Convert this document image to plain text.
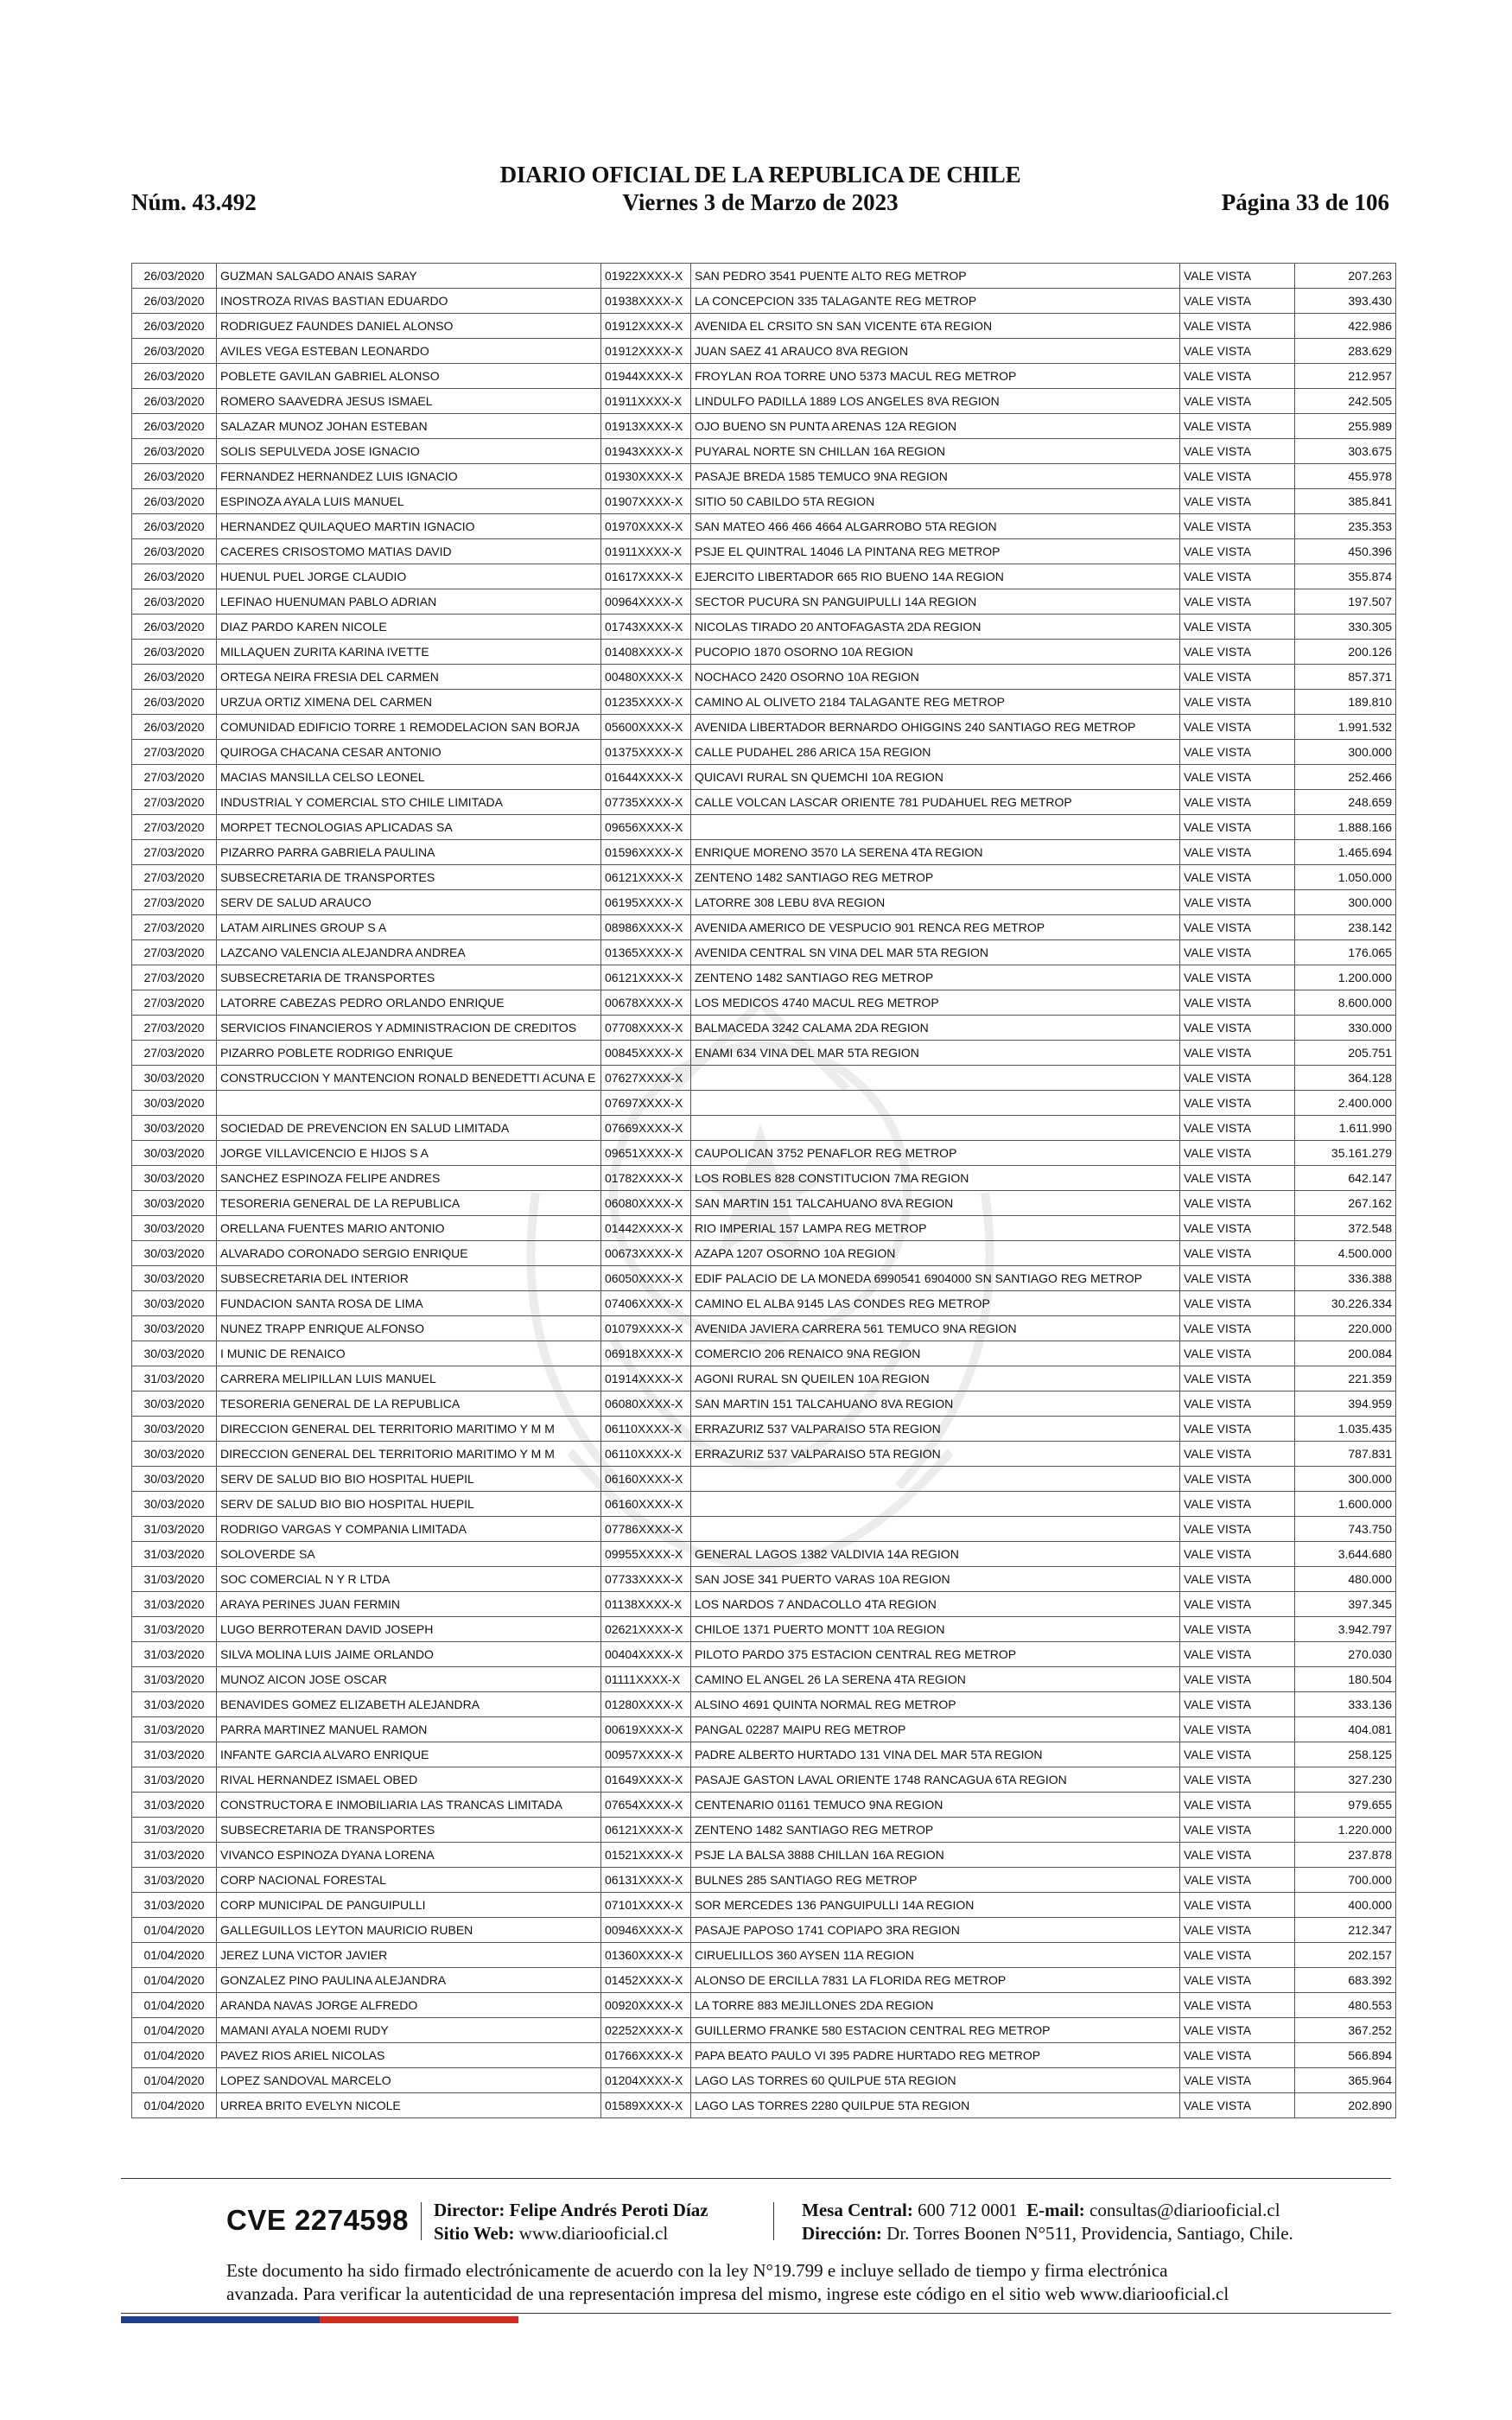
Núm. 43.492
DIARIO OFICIAL DE LA REPUBLICA DE CHILE
Viernes 3 de Marzo de 2023	Página 33 de 106
26/03/2020	GUZMAN SALGADO ANAIS SARAY	01922XXXX-X	SAN PEDRO 3541 PUENTE ALTO REG METROP	VALE VISTA	207.263
26/03/2020	INOSTROZA RIVAS BASTIAN EDUARDO	01938XXXX-X	LA CONCEPCION 335 TALAGANTE REG METROP	VALE VISTA	393.430
26/03/2020	RODRIGUEZ FAUNDES DANIEL ALONSO	01912XXXX-X	AVENIDA EL CRSITO SN SAN VICENTE 6TA REGION	VALE VISTA	422.986
26/03/2020	AVILES VEGA ESTEBAN LEONARDO	01912XXXX-X	JUAN SAEZ 41 ARAUCO 8VA REGION	VALE VISTA	283.629
26/03/2020	POBLETE GAVILAN GABRIEL ALONSO	01944XXXX-X	FROYLAN ROA TORRE UNO 5373 MACUL REG METROP	VALE VISTA	212.957
26/03/2020	ROMERO SAAVEDRA JESUS ISMAEL	01911XXXX-X	LINDULFO PADILLA 1889 LOS ANGELES 8VA REGION	VALE VISTA	242.505
26/03/2020	SALAZAR MUNOZ JOHAN ESTEBAN	01913XXXX-X	OJO BUENO SN PUNTA ARENAS 12A REGION	VALE VISTA	255.989
26/03/2020	SOLIS SEPULVEDA JOSE IGNACIO	01943XXXX-X	PUYARAL NORTE SN CHILLAN 16A REGION	VALE VISTA	303.675
26/03/2020	FERNANDEZ HERNANDEZ LUIS IGNACIO	01930XXXX-X	PASAJE BREDA 1585 TEMUCO 9NA REGION	VALE VISTA	455.978
26/03/2020	ESPINOZA AYALA LUIS MANUEL	01907XXXX-X	SITIO 50 CABILDO 5TA REGION	VALE VISTA	385.841
26/03/2020	HERNANDEZ QUILAQUEO MARTIN IGNACIO	01970XXXX-X	SAN MATEO 466 466 4664 ALGARROBO 5TA REGION	VALE VISTA	235.353
26/03/2020	CACERES CRISOSTOMO MATIAS DAVID	01911XXXX-X	PSJE EL QUINTRAL 14046 LA PINTANA REG METROP	VALE VISTA	450.396
26/03/2020	HUENUL PUEL JORGE CLAUDIO	01617XXXX-X	EJERCITO LIBERTADOR 665 RIO BUENO 14A REGION	VALE VISTA	355.874
26/03/2020	LEFINAO HUENUMAN PABLO ADRIAN	00964XXXX-X	SECTOR PUCURA SN PANGUIPULLI 14A REGION	VALE VISTA	197.507
26/03/2020	DIAZ PARDO KAREN NICOLE	01743XXXX-X	NICOLAS TIRADO 20 ANTOFAGASTA 2DA REGION	VALE VISTA	330.305
26/03/2020	MILLAQUEN ZURITA KARINA IVETTE	01408XXXX-X	PUCOPIO 1870 OSORNO 10A REGION	VALE VISTA	200.126
26/03/2020	ORTEGA NEIRA FRESIA DEL CARMEN	00480XXXX-X	NOCHACO 2420 OSORNO 10A REGION	VALE VISTA	857.371
26/03/2020	URZUA ORTIZ XIMENA DEL CARMEN	01235XXXX-X	CAMINO AL OLIVETO 2184 TALAGANTE REG METROP	VALE VISTA	189.810
26/03/2020	COMUNIDAD EDIFICIO TORRE 1 REMODELACION SAN BORJA	05600XXXX-X	AVENIDA LIBERTADOR BERNARDO OHIGGINS 240 SANTIAGO REG METROP	VALE VISTA	1.991.532
27/03/2020	QUIROGA CHACANA CESAR ANTONIO	01375XXXX-X	CALLE PUDAHEL 286 ARICA 15A REGION	VALE VISTA	300.000
27/03/2020	MACIAS MANSILLA CELSO LEONEL	01644XXXX-X	QUICAVI RURAL SN QUEMCHI 10A REGION	VALE VISTA	252.466
27/03/2020	INDUSTRIAL Y COMERCIAL STO CHILE LIMITADA	07735XXXX-X	CALLE VOLCAN LASCAR ORIENTE 781 PUDAHUEL REG METROP	VALE VISTA	248.659
27/03/2020	MORPET TECNOLOGIAS APLICADAS SA	09656XXXX-X		VALE VISTA	1.888.166
27/03/2020	PIZARRO PARRA GABRIELA PAULINA	01596XXXX-X	ENRIQUE MORENO 3570 LA SERENA 4TA REGION	VALE VISTA	1.465.694
27/03/2020	SUBSECRETARIA DE TRANSPORTES	06121XXXX-X	ZENTENO 1482 SANTIAGO REG METROP	VALE VISTA	1.050.000
27/03/2020	SERV DE SALUD ARAUCO	06195XXXX-X	LATORRE 308 LEBU 8VA REGION	VALE VISTA	300.000
27/03/2020	LATAM AIRLINES GROUP S A	08986XXXX-X	AVENIDA AMERICO DE VESPUCIO 901 RENCA REG METROP	VALE VISTA	238.142
27/03/2020	LAZCANO VALENCIA ALEJANDRA ANDREA	01365XXXX-X	AVENIDA CENTRAL SN VINA DEL MAR 5TA REGION	VALE VISTA	176.065
27/03/2020	SUBSECRETARIA DE TRANSPORTES	06121XXXX-X	ZENTENO 1482 SANTIAGO REG METROP	VALE VISTA	1.200.000
27/03/2020	LATORRE CABEZAS PEDRO ORLANDO ENRIQUE	00678XXXX-X	LOS MEDICOS 4740 MACUL REG METROP	VALE VISTA	8.600.000
27/03/2020	SERVICIOS FINANCIEROS Y ADMINISTRACION DE CREDITOS	07708XXXX-X	BALMACEDA 3242 CALAMA 2DA REGION	VALE VISTA	330.000
27/03/2020	PIZARRO POBLETE RODRIGO ENRIQUE	00845XXXX-X	ENAMI 634 VINA DEL MAR 5TA REGION	VALE VISTA	205.751
30/03/2020	CONSTRUCCION Y MANTENCION RONALD BENEDETTI ACUNA E	07627XXXX-X		VALE VISTA	364.128
30/03/2020		07697XXXX-X		VALE VISTA	2.400.000
30/03/2020	SOCIEDAD DE PREVENCION EN SALUD LIMITADA	07669XXXX-X		VALE VISTA	1.611.990
30/03/2020	JORGE VILLAVICENCIO E HIJOS S A	09651XXXX-X	CAUPOLICAN 3752 PENAFLOR REG METROP	VALE VISTA	35.161.279
30/03/2020	SANCHEZ ESPINOZA FELIPE ANDRES	01782XXXX-X	LOS ROBLES 828 CONSTITUCION 7MA REGION	VALE VISTA	642.147
30/03/2020	TESORERIA GENERAL DE LA REPUBLICA	06080XXXX-X	SAN MARTIN 151 TALCAHUANO 8VA REGION	VALE VISTA	267.162
30/03/2020	ORELLANA FUENTES MARIO ANTONIO	01442XXXX-X	RIO IMPERIAL 157 LAMPA REG METROP	VALE VISTA	372.548
30/03/2020	ALVARADO CORONADO SERGIO ENRIQUE	00673XXXX-X	AZAPA 1207 OSORNO 10A REGION	VALE VISTA	4.500.000
30/03/2020	SUBSECRETARIA DEL INTERIOR	06050XXXX-X	EDIF PALACIO DE LA MONEDA 6990541 6904000 SN SANTIAGO REG METROP	VALE VISTA	336.388
30/03/2020	FUNDACION SANTA ROSA DE LIMA	07406XXXX-X	CAMINO EL ALBA 9145 LAS CONDES REG METROP	VALE VISTA	30.226.334
30/03/2020	NUNEZ TRAPP ENRIQUE ALFONSO	01079XXXX-X	AVENIDA JAVIERA CARRERA 561 TEMUCO 9NA REGION	VALE VISTA	220.000
30/03/2020	I MUNIC DE RENAICO	06918XXXX-X	COMERCIO 206 RENAICO 9NA REGION	VALE VISTA	200.084
31/03/2020	CARRERA MELIPILLAN LUIS MANUEL	01914XXXX-X	AGONI RURAL SN QUEILEN 10A REGION	VALE VISTA	221.359
30/03/2020	TESORERIA GENERAL DE LA REPUBLICA	06080XXXX-X	SAN MARTIN 151 TALCAHUANO 8VA REGION	VALE VISTA	394.959
30/03/2020	DIRECCION GENERAL DEL TERRITORIO MARITIMO Y M M	06110XXXX-X	ERRAZURIZ 537 VALPARAISO 5TA REGION	VALE VISTA	1.035.435
30/03/2020	DIRECCION GENERAL DEL TERRITORIO MARITIMO Y M M	06110XXXX-X	ERRAZURIZ 537 VALPARAISO 5TA REGION	VALE VISTA	787.831
30/03/2020	SERV DE SALUD BIO BIO HOSPITAL HUEPIL	06160XXXX-X		VALE VISTA	300.000
30/03/2020	SERV DE SALUD BIO BIO HOSPITAL HUEPIL	06160XXXX-X		VALE VISTA	1.600.000
31/03/2020	RODRIGO VARGAS Y COMPANIA LIMITADA	07786XXXX-X		VALE VISTA	743.750
31/03/2020	SOLOVERDE SA	09955XXXX-X	GENERAL LAGOS 1382 VALDIVIA 14A REGION	VALE VISTA	3.644.680
31/03/2020	SOC COMERCIAL N Y R LTDA	07733XXXX-X	SAN JOSE 341 PUERTO VARAS 10A REGION	VALE VISTA	480.000
31/03/2020	ARAYA PERINES JUAN FERMIN	01138XXXX-X	LOS NARDOS 7 ANDACOLLO 4TA REGION	VALE VISTA	397.345
31/03/2020	LUGO BERROTERAN DAVID JOSEPH	02621XXXX-X	CHILOE 1371 PUERTO MONTT 10A REGION	VALE VISTA	3.942.797
31/03/2020	SILVA MOLINA LUIS JAIME ORLANDO	00404XXXX-X	PILOTO PARDO 375 ESTACION CENTRAL REG METROP	VALE VISTA	270.030
31/03/2020	MUNOZ AICON JOSE OSCAR	01111XXXX-X	CAMINO EL ANGEL 26 LA SERENA 4TA REGION	VALE VISTA	180.504
31/03/2020	BENAVIDES GOMEZ ELIZABETH ALEJANDRA	01280XXXX-X	ALSINO 4691 QUINTA NORMAL REG METROP	VALE VISTA	333.136
31/03/2020	PARRA MARTINEZ MANUEL RAMON	00619XXXX-X	PANGAL 02287 MAIPU REG METROP	VALE VISTA	404.081
31/03/2020	INFANTE GARCIA ALVARO ENRIQUE	00957XXXX-X	PADRE ALBERTO HURTADO 131 VINA DEL MAR 5TA REGION	VALE VISTA	258.125
31/03/2020	RIVAL HERNANDEZ ISMAEL OBED	01649XXXX-X	PASAJE GASTON LAVAL ORIENTE 1748 RANCAGUA 6TA REGION	VALE VISTA	327.230
31/03/2020	CONSTRUCTORA E INMOBILIARIA LAS TRANCAS LIMITADA	07654XXXX-X	CENTENARIO 01161 TEMUCO 9NA REGION	VALE VISTA	979.655
31/03/2020	SUBSECRETARIA DE TRANSPORTES	06121XXXX-X	ZENTENO 1482 SANTIAGO REG METROP	VALE VISTA	1.220.000
31/03/2020	VIVANCO ESPINOZA DYANA LORENA	01521XXXX-X	PSJE LA BALSA 3888 CHILLAN 16A REGION	VALE VISTA	237.878
31/03/2020	CORP NACIONAL FORESTAL	06131XXXX-X	BULNES 285 SANTIAGO REG METROP	VALE VISTA	700.000
31/03/2020	CORP MUNICIPAL DE PANGUIPULLI	07101XXXX-X	SOR MERCEDES 136 PANGUIPULLI 14A REGION	VALE VISTA	400.000
01/04/2020	GALLEGUILLOS LEYTON MAURICIO RUBEN	00946XXXX-X	PASAJE PAPOSO 1741 COPIAPO 3RA REGION	VALE VISTA	212.347
01/04/2020	JEREZ LUNA VICTOR JAVIER	01360XXXX-X	CIRUELILLOS 360 AYSEN 11A REGION	VALE VISTA	202.157
01/04/2020	GONZALEZ PINO PAULINA ALEJANDRA	01452XXXX-X	ALONSO DE ERCILLA 7831 LA FLORIDA REG METROP	VALE VISTA	683.392
01/04/2020	ARANDA NAVAS JORGE ALFREDO	00920XXXX-X	LA TORRE 883 MEJILLONES 2DA REGION	VALE VISTA	480.553
01/04/2020	MAMANI AYALA NOEMI RUDY	02252XXXX-X	GUILLERMO FRANKE 580 ESTACION CENTRAL REG METROP	VALE VISTA	367.252
01/04/2020	PAVEZ RIOS ARIEL NICOLAS	01766XXXX-X	PAPA BEATO PAULO VI 395 PADRE HURTADO REG METROP	VALE VISTA	566.894
01/04/2020	LOPEZ SANDOVAL MARCELO	01204XXXX-X	LAGO LAS TORRES 60 QUILPUE 5TA REGION	VALE VISTA	365.964
01/04/2020	URREA BRITO EVELYN NICOLE	01589XXXX-X	LAGO LAS TORRES 2280 QUILPUE 5TA REGION	VALE VISTA	202.890
CVE 2274598 Director: Felipe Andrés Peroti Díaz
Sitio Web: www.diariooficial.cl
Mesa Central: 600 712 0001 E-mail: consultas@diariooficial.cl
Dirección: Dr. Torres Boonen N°511, Providencia, Santiago, Chile.
Este documento ha sido firmado electrónicamente de acuerdo con la ley N°19.799 e incluye sellado de tiempo y firma electrónica
avanzada. Para verificar la autenticidad de una representación impresa del mismo, ingrese este código en el sitio web www.diariooficial.cl
